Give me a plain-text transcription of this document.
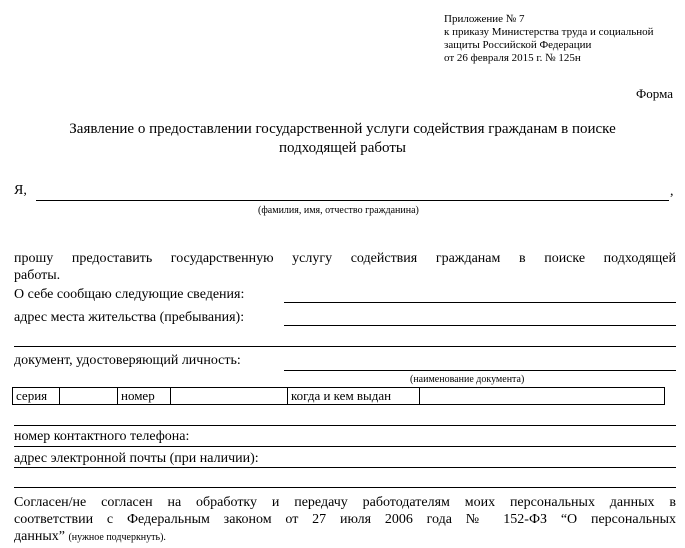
Приложение № 7
к приказу Министерства труда и социальной
защиты Российской Федерации
от 26 февраля 2015 г. № 125н
Форма
Заявление о предоставлении государственной услуги содействия гражданам в поиске
подходящей работы
Я,	,
(фамилия, имя, отчество гражданина)
прошу предоставить государственную услугу содействия гражданам в поиске подходящей
работы.
О себе сообщаю следующие сведения:
адрес места жительства (пребывания):
документ, удостоверяющий личность:
(наименование документа)
серия		номер		когда и кем выдан	
номер контактного телефона:
адрес электронной почты (при наличии):
Согласен/не согласен на обработку и передачу работодателям моих персональных данных в
соответствии с Федеральным законом от 27 июля 2006 года № 152-ФЗ “О персональных
данных” (нужное подчеркнуть).
